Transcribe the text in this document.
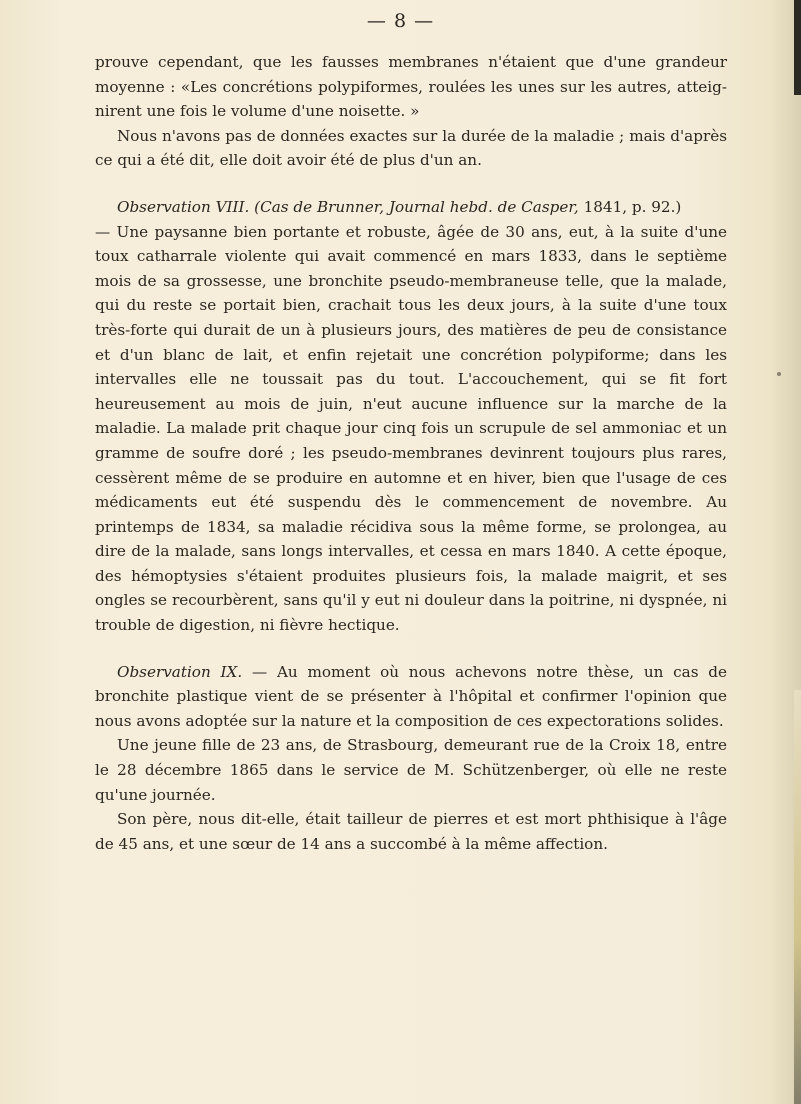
— 8 —

prouve cependant, que les fausses membranes n'étaient que d'une grandeur moyenne : «Les concrétions polypiformes, roulées les unes sur les autres, atteig-nirent une fois le volume d'une noisette. »

Nous n'avons pas de données exactes sur la durée de la maladie ; mais d'après ce qui a été dit, elle doit avoir été de plus d'un an.

Observation VIII. (Cas de Brunner, Journal hebd. de Casper, 1841, p. 92.)
— Une paysanne bien portante et robuste, âgée de 30 ans, eut, à la suite d'une toux catharrale violente qui avait commencé en mars 1833, dans le septième mois de sa grossesse, une bronchite pseudo-membraneuse telle, que la malade, qui du reste se portait bien, crachait tous les deux jours, à la suite d'une toux très-forte qui durait de un à plusieurs jours, des matières de peu de consistance et d'un blanc de lait, et enfin rejetait une concrétion polypiforme; dans les intervalles elle ne toussait pas du tout. L'accouchement, qui se fit fort heureusement au mois de juin, n'eut aucune influence sur la marche de la maladie. La malade prit chaque jour cinq fois un scrupule de sel ammoniac et un gramme de soufre doré ; les pseudo-membranes devinrent toujours plus rares, cessèrent même de se produire en automne et en hiver, bien que l'usage de ces médicaments eut été suspendu dès le commencement de novembre. Au printemps de 1834, sa maladie récidiva sous la même forme, se prolongea, au dire de la malade, sans longs intervalles, et cessa en mars 1840. A cette époque, des hémoptysies s'étaient produites plusieurs fois, la malade maigrit, et ses ongles se recourbèrent, sans qu'il y eut ni douleur dans la poitrine, ni dyspnée, ni trouble de digestion, ni fièvre hectique.

Observation IX. — Au moment où nous achevons notre thèse, un cas de bronchite plastique vient de se présenter à l'hôpital et confirmer l'opinion que nous avons adoptée sur la nature et la composition de ces expectorations solides.

Une jeune fille de 23 ans, de Strasbourg, demeurant rue de la Croix 18, entre le 28 décembre 1865 dans le service de M. Schützenberger, où elle ne reste qu'une journée.

Son père, nous dit-elle, était tailleur de pierres et est mort phthisique à l'âge de 45 ans, et une sœur de 14 ans a succombé à la même affection.
